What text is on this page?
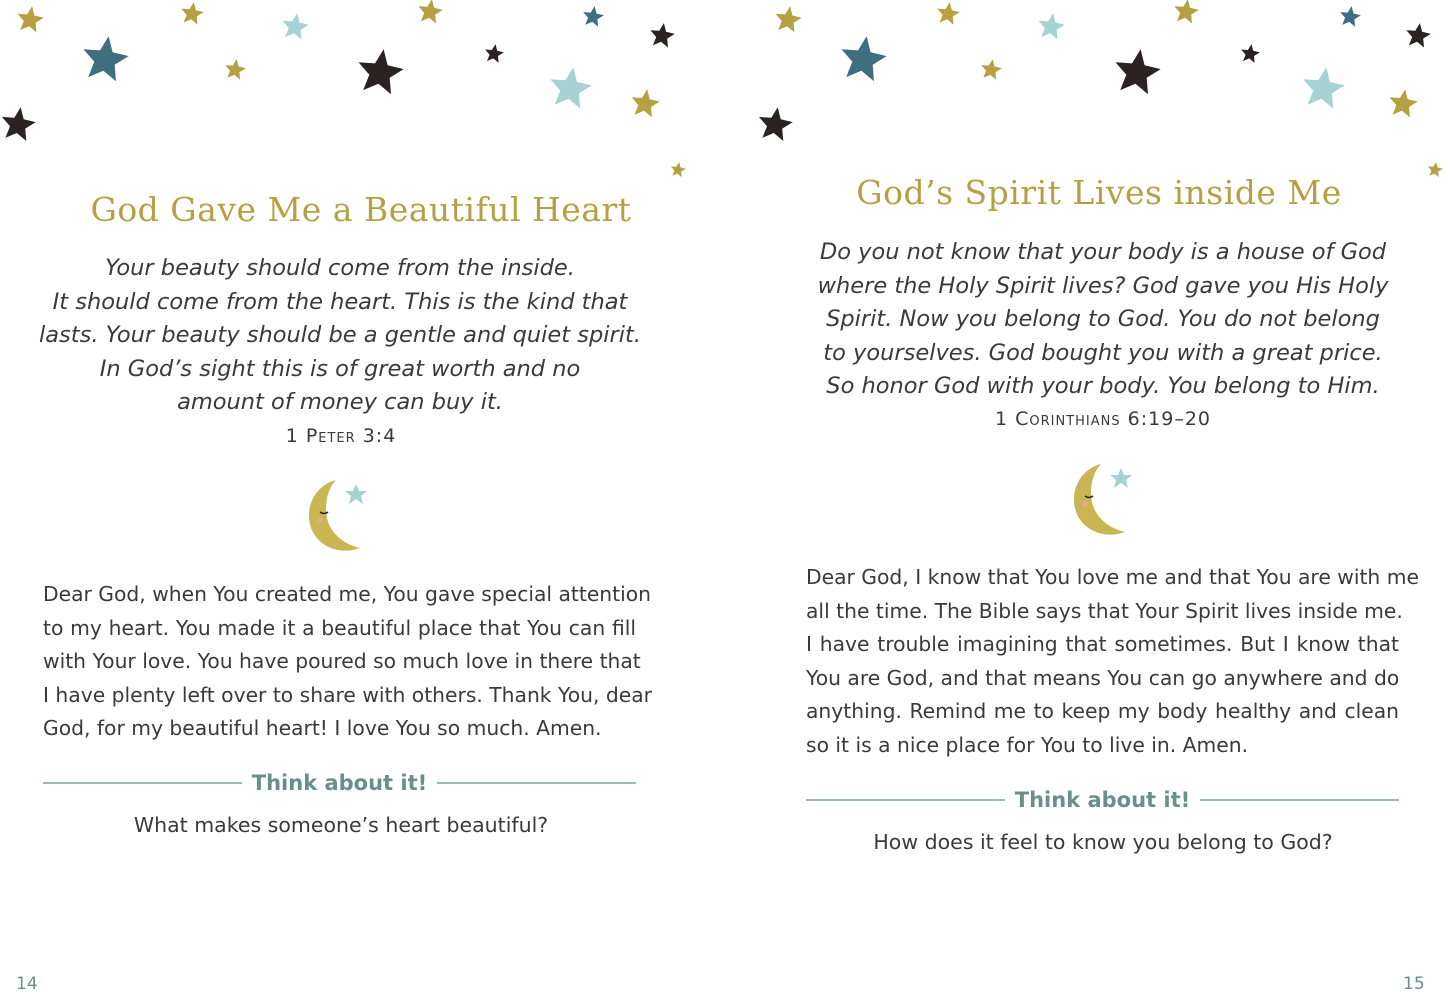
God Gave Me a Beautiful Heart
Your beauty should come from the inside.
It should come from the heart. This is the kind that
lasts. Your beauty should be a gentle and quiet spirit.
In God’s sight this is of great worth and no
amount of money can buy it.
1 Peter 3:4
Dear God, when You created me, You gave special attention
to my heart. You made it a beautiful place that You can fill
with Your love. You have poured so much love in there that
I have plenty left over to share with others. Thank You, dear
God, for my beautiful heart! I love You so much. Amen.
Think about it!
What makes someone’s heart beautiful?
14
God’s Spirit Lives inside Me
Do you not know that your body is a house of God
where the Holy Spirit lives? God gave you His Holy
Spirit. Now you belong to God. You do not belong
to yourselves. God bought you with a great price.
So honor God with your body. You belong to Him.
1 Corinthians 6:19–20
Dear God, I know that You love me and that You are with me
all the time. The Bible says that Your Spirit lives inside me.
I have trouble imagining that sometimes. But I know that
You are God, and that means You can go anywhere and do
anything. Remind me to keep my body healthy and clean
so it is a nice place for You to live in. Amen.
Think about it!
How does it feel to know you belong to God?
15
